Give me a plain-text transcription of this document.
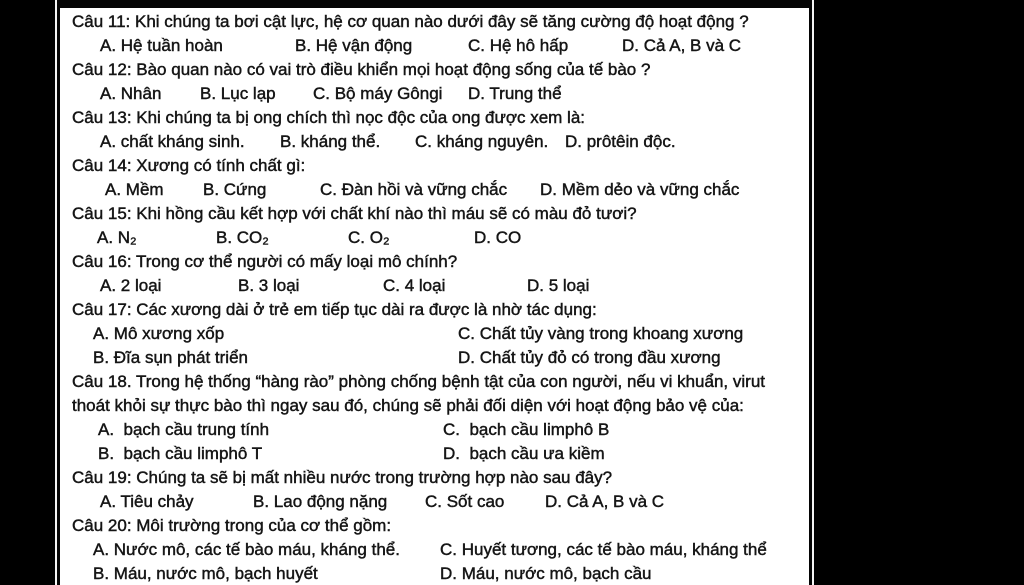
Câu 11: Khi chúng ta bơi cật lực, hệ cơ quan nào dưới đây sẽ tăng cường độ hoạt động ?
A. Hệ tuần hoàn	B. Hệ vận động	C. Hệ hô hấp	D. Cả A, B và C
Câu 12: Bào quan nào có vai trò điều khiển mọi hoạt động sống của tế bào ?
A. Nhân	B. Lục lạp	C. Bộ máy Gôngi	D. Trung thể
Câu 13: Khi chúng ta bị ong chích thì nọc độc của ong được xem là:
A. chất kháng sinh.	B. kháng thể.	C. kháng nguyên. D. prôtêin độc.
Câu 14: Xương có tính chất gì:
A. Mềm	B. Cứng	C. Đàn hồi và vững chắc	D. Mềm dẻo và vững chắc
Câu 15: Khi hồng cầu kết hợp với chất khí nào thì máu sẽ có màu đỏ tươi?
A. N₂	B. CO₂	C. O₂	D. CO
Câu 16: Trong cơ thể người có mấy loại mô chính?
A. 2 loại	B. 3 loại	C. 4 loại	D. 5 loại
Câu 17: Các xương dài ở trẻ em tiếp tục dài ra được là nhờ tác dụng:
A. Mô xương xốp	C. Chất tủy vàng trong khoang xương
B. Đĩa sụn phát triển	D. Chất tủy đỏ có trong đầu xương
Câu 18. Trong hệ thống “hàng rào” phòng chống bệnh tật của con người, nếu vi khuẩn, virut
thoát khỏi sự thực bào thì ngay sau đó, chúng sẽ phải đối diện với hoạt động bảo vệ của:
A.  bạch cầu trung tính	C.  bạch cầu limphô B
B.  bạch cầu limphô T	D.  bạch cầu ưa kiềm
Câu 19: Chúng ta sẽ bị mất nhiều nước trong trường hợp nào sau đây?
A. Tiêu chảy	B. Lao động nặng	C. Sốt cao	D. Cả A, B và C
Câu 20: Môi trường trong của cơ thể gồm:
A. Nước mô, các tế bào máu, kháng thể.	C. Huyết tương, các tế bào máu, kháng thể
B. Máu, nước mô, bạch huyết	D. Máu, nước mô, bạch cầu
